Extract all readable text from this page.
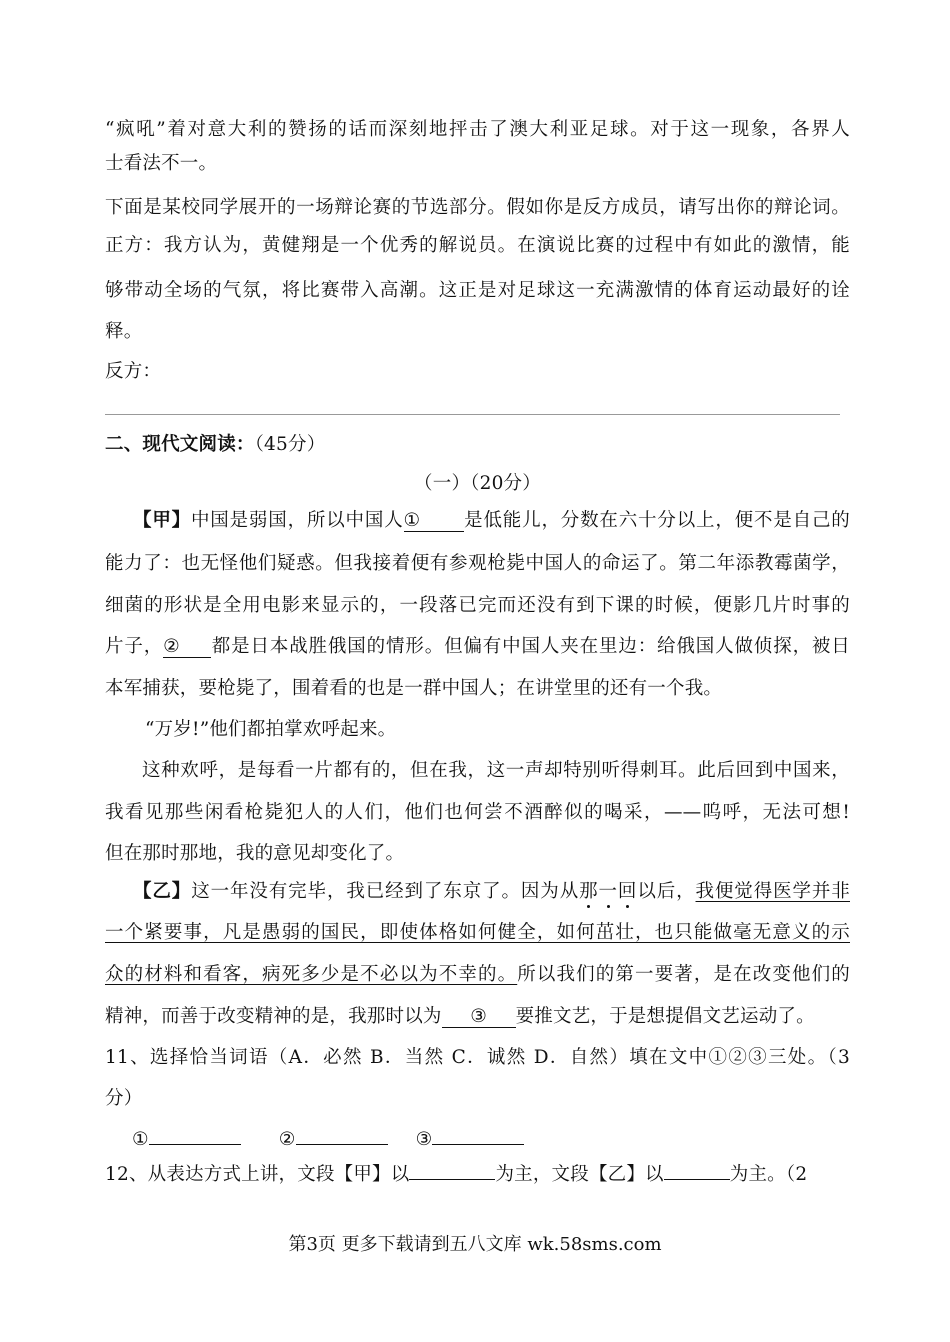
“疯吼”着对意大利的赞扬的话而深刻地抨击了澳大利亚足球。对于这一现象，各界人
士看法不一。
下面是某校同学展开的一场辩论赛的节选部分。假如你是反方成员，请写出你的辩论词。
正方：我方认为，黄健翔是一个优秀的解说员。在演说比赛的过程中有如此的激情，能
够带动全场的气氛，将比赛带入高潮。这正是对足球这一充满激情的体育运动最好的诠
释。
反方：
二、现代文阅读：（45分）
（一）（20分）
【甲】中国是弱国，所以中国人① 是低能儿，分数在六十分以上，便不是自己的
能力了：也无怪他们疑惑。但我接着便有参观枪毙中国人的命运了。第二年添教霉菌学，
细菌的形状是全用电影来显示的，一段落已完而还没有到下课的时候，便影几片时事的
片子，② 都是日本战胜俄国的情形。但偏有中国人夹在里边：给俄国人做侦探，被日
本军捕获，要枪毙了，围着看的也是一群中国人；在讲堂里的还有一个我。
“万岁!”他们都拍掌欢呼起来。
这种欢呼，是每看一片都有的，但在我，这一声却特别听得刺耳。此后回到中国来，
我看见那些闲看枪毙犯人的人们，他们也何尝不酒醉似的喝采，——呜呼，无法可想!
但在那时那地，我的意见却变化了。
【乙】这一年没有完毕，我已经到了东京了。因为从那一回以后，我便觉得医学并非
一个紧要事，凡是愚弱的国民，即使体格如何健全，如何茁壮，也只能做毫无意义的示
众的材料和看客，病死多少是不必以为不幸的。所以我们的第一要著，是在改变他们的
精神，而善于改变精神的是，我那时以为 ③ 要推文艺，于是想提倡文艺运动了。
11、选择恰当词语（A．必然 B．当然 C．诚然 D．自然）填在文中①②③三处。（3
分）
①	②	③
12、从表达方式上讲，文段【甲】以	为主，文段【乙】以	为主。（2
第3页 更多下载请到五八文库 wk.58sms.com
